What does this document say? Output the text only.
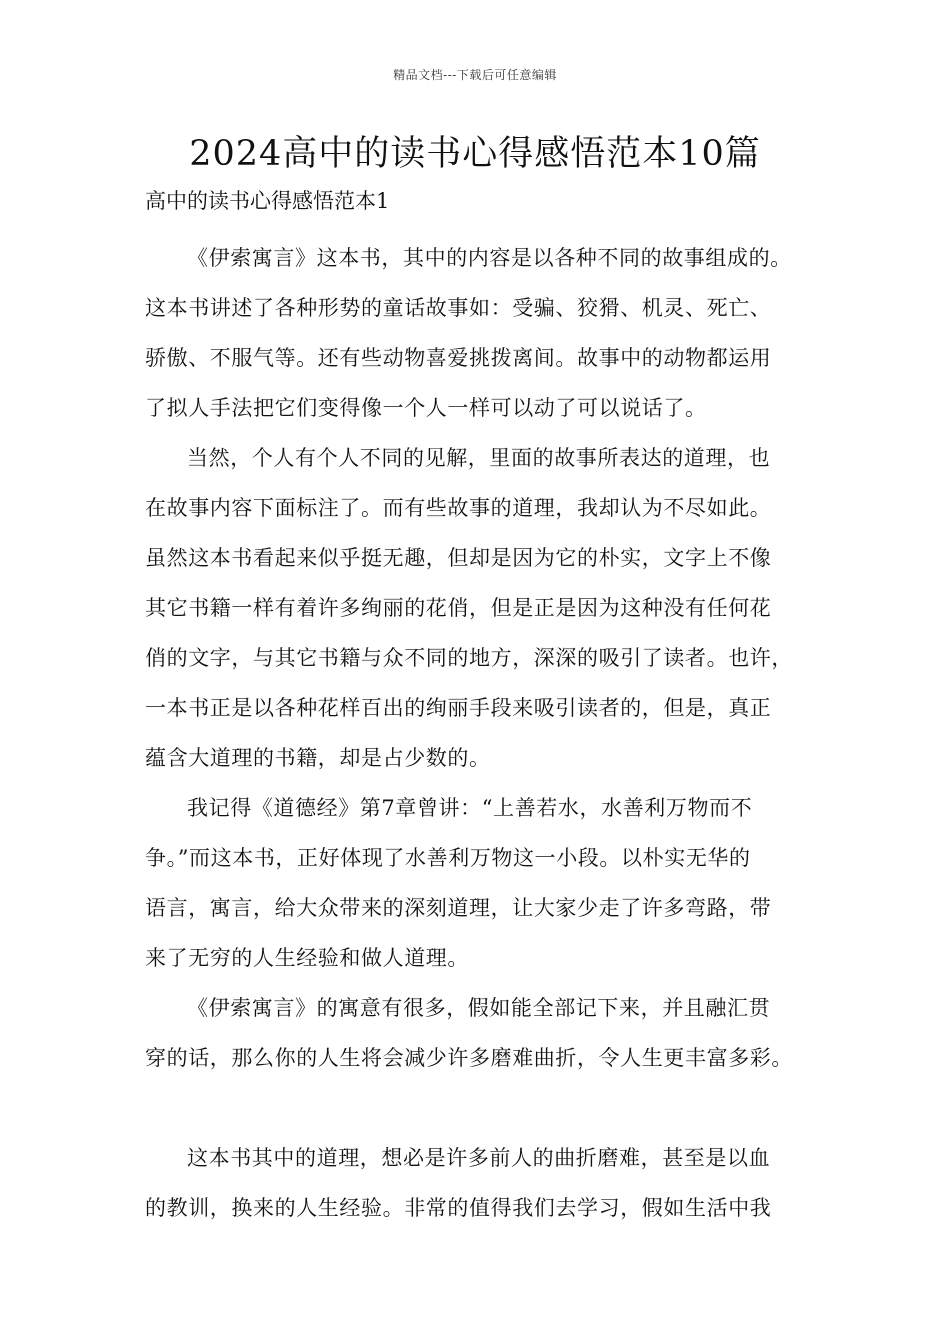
精品文档---下载后可任意编辑
2024高中的读书心得感悟范本10篇

高中的读书心得感悟范本1

《伊索寓言》这本书，其中的内容是以各种不同的故事组成的。
这本书讲述了各种形势的童话故事如：受骗、狡猾、机灵、死亡、
骄傲、不服气等。还有些动物喜爱挑拨离间。故事中的动物都运用
了拟人手法把它们变得像一个人一样可以动了可以说话了。

当然，个人有个人不同的见解，里面的故事所表达的道理，也
在故事内容下面标注了。而有些故事的道理，我却认为不尽如此。
虽然这本书看起来似乎挺无趣，但却是因为它的朴实，文字上不像
其它书籍一样有着许多绚丽的花俏，但是正是因为这种没有任何花
俏的文字，与其它书籍与众不同的地方，深深的吸引了读者。也许，
一本书正是以各种花样百出的绚丽手段来吸引读者的，但是，真正
蕴含大道理的书籍，却是占少数的。

我记得《道德经》第7章曾讲：“上善若水，水善利万物而不
争。”而这本书，正好体现了水善利万物这一小段。以朴实无华的
语言，寓言，给大众带来的深刻道理，让大家少走了许多弯路，带
来了无穷的人生经验和做人道理。

《伊索寓言》的寓意有很多，假如能全部记下来，并且融汇贯
穿的话，那么你的人生将会减少许多磨难曲折，令人生更丰富多彩。

这本书其中的道理，想必是许多前人的曲折磨难，甚至是以血
的教训，换来的人生经验。非常的值得我们去学习，假如生活中我
